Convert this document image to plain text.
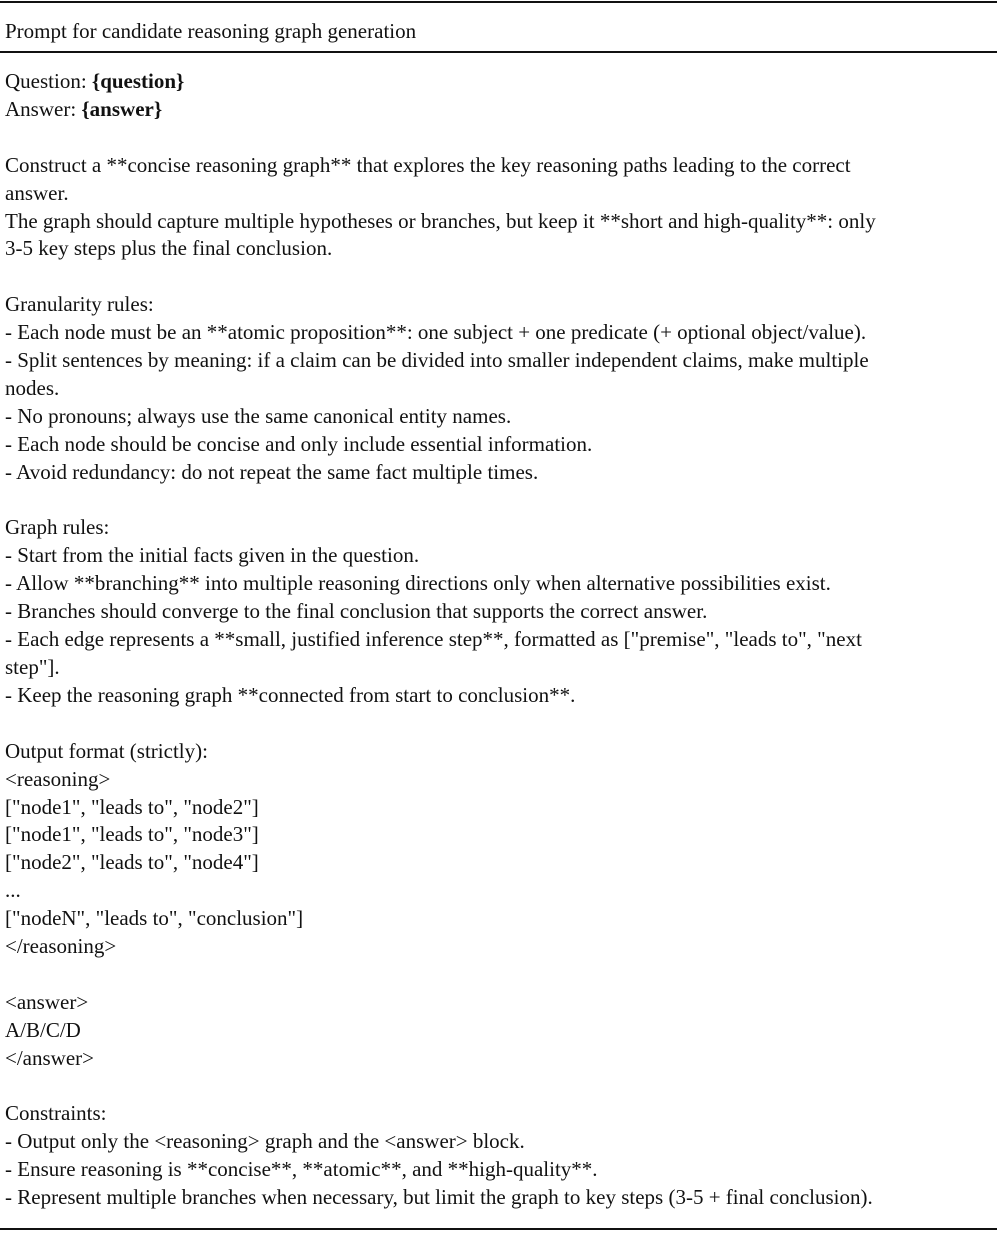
Prompt for candidate reasoning graph generation
Question: {question}
Answer: {answer}
Construct a **concise reasoning graph** that explores the key reasoning paths leading to the correct
answer.
The graph should capture multiple hypotheses or branches, but keep it **short and high-quality**: only
3-5 key steps plus the final conclusion.
Granularity rules:
- Each node must be an **atomic proposition**: one subject + one predicate (+ optional object/value).
- Split sentences by meaning: if a claim can be divided into smaller independent claims, make multiple
nodes.
- No pronouns; always use the same canonical entity names.
- Each node should be concise and only include essential information.
- Avoid redundancy: do not repeat the same fact multiple times.
Graph rules:
- Start from the initial facts given in the question.
- Allow **branching** into multiple reasoning directions only when alternative possibilities exist.
- Branches should converge to the final conclusion that supports the correct answer.
- Each edge represents a **small, justified inference step**, formatted as ["premise", "leads to", "next
step"].
- Keep the reasoning graph **connected from start to conclusion**.
Output format (strictly):
<reasoning>
["node1", "leads to", "node2"]
["node1", "leads to", "node3"]
["node2", "leads to", "node4"]
...
["nodeN", "leads to", "conclusion"]
</reasoning>
<answer>
A/B/C/D
</answer>
Constraints:
- Output only the <reasoning> graph and the <answer> block.
- Ensure reasoning is **concise**, **atomic**, and **high-quality**.
- Represent multiple branches when necessary, but limit the graph to key steps (3-5 + final conclusion).
